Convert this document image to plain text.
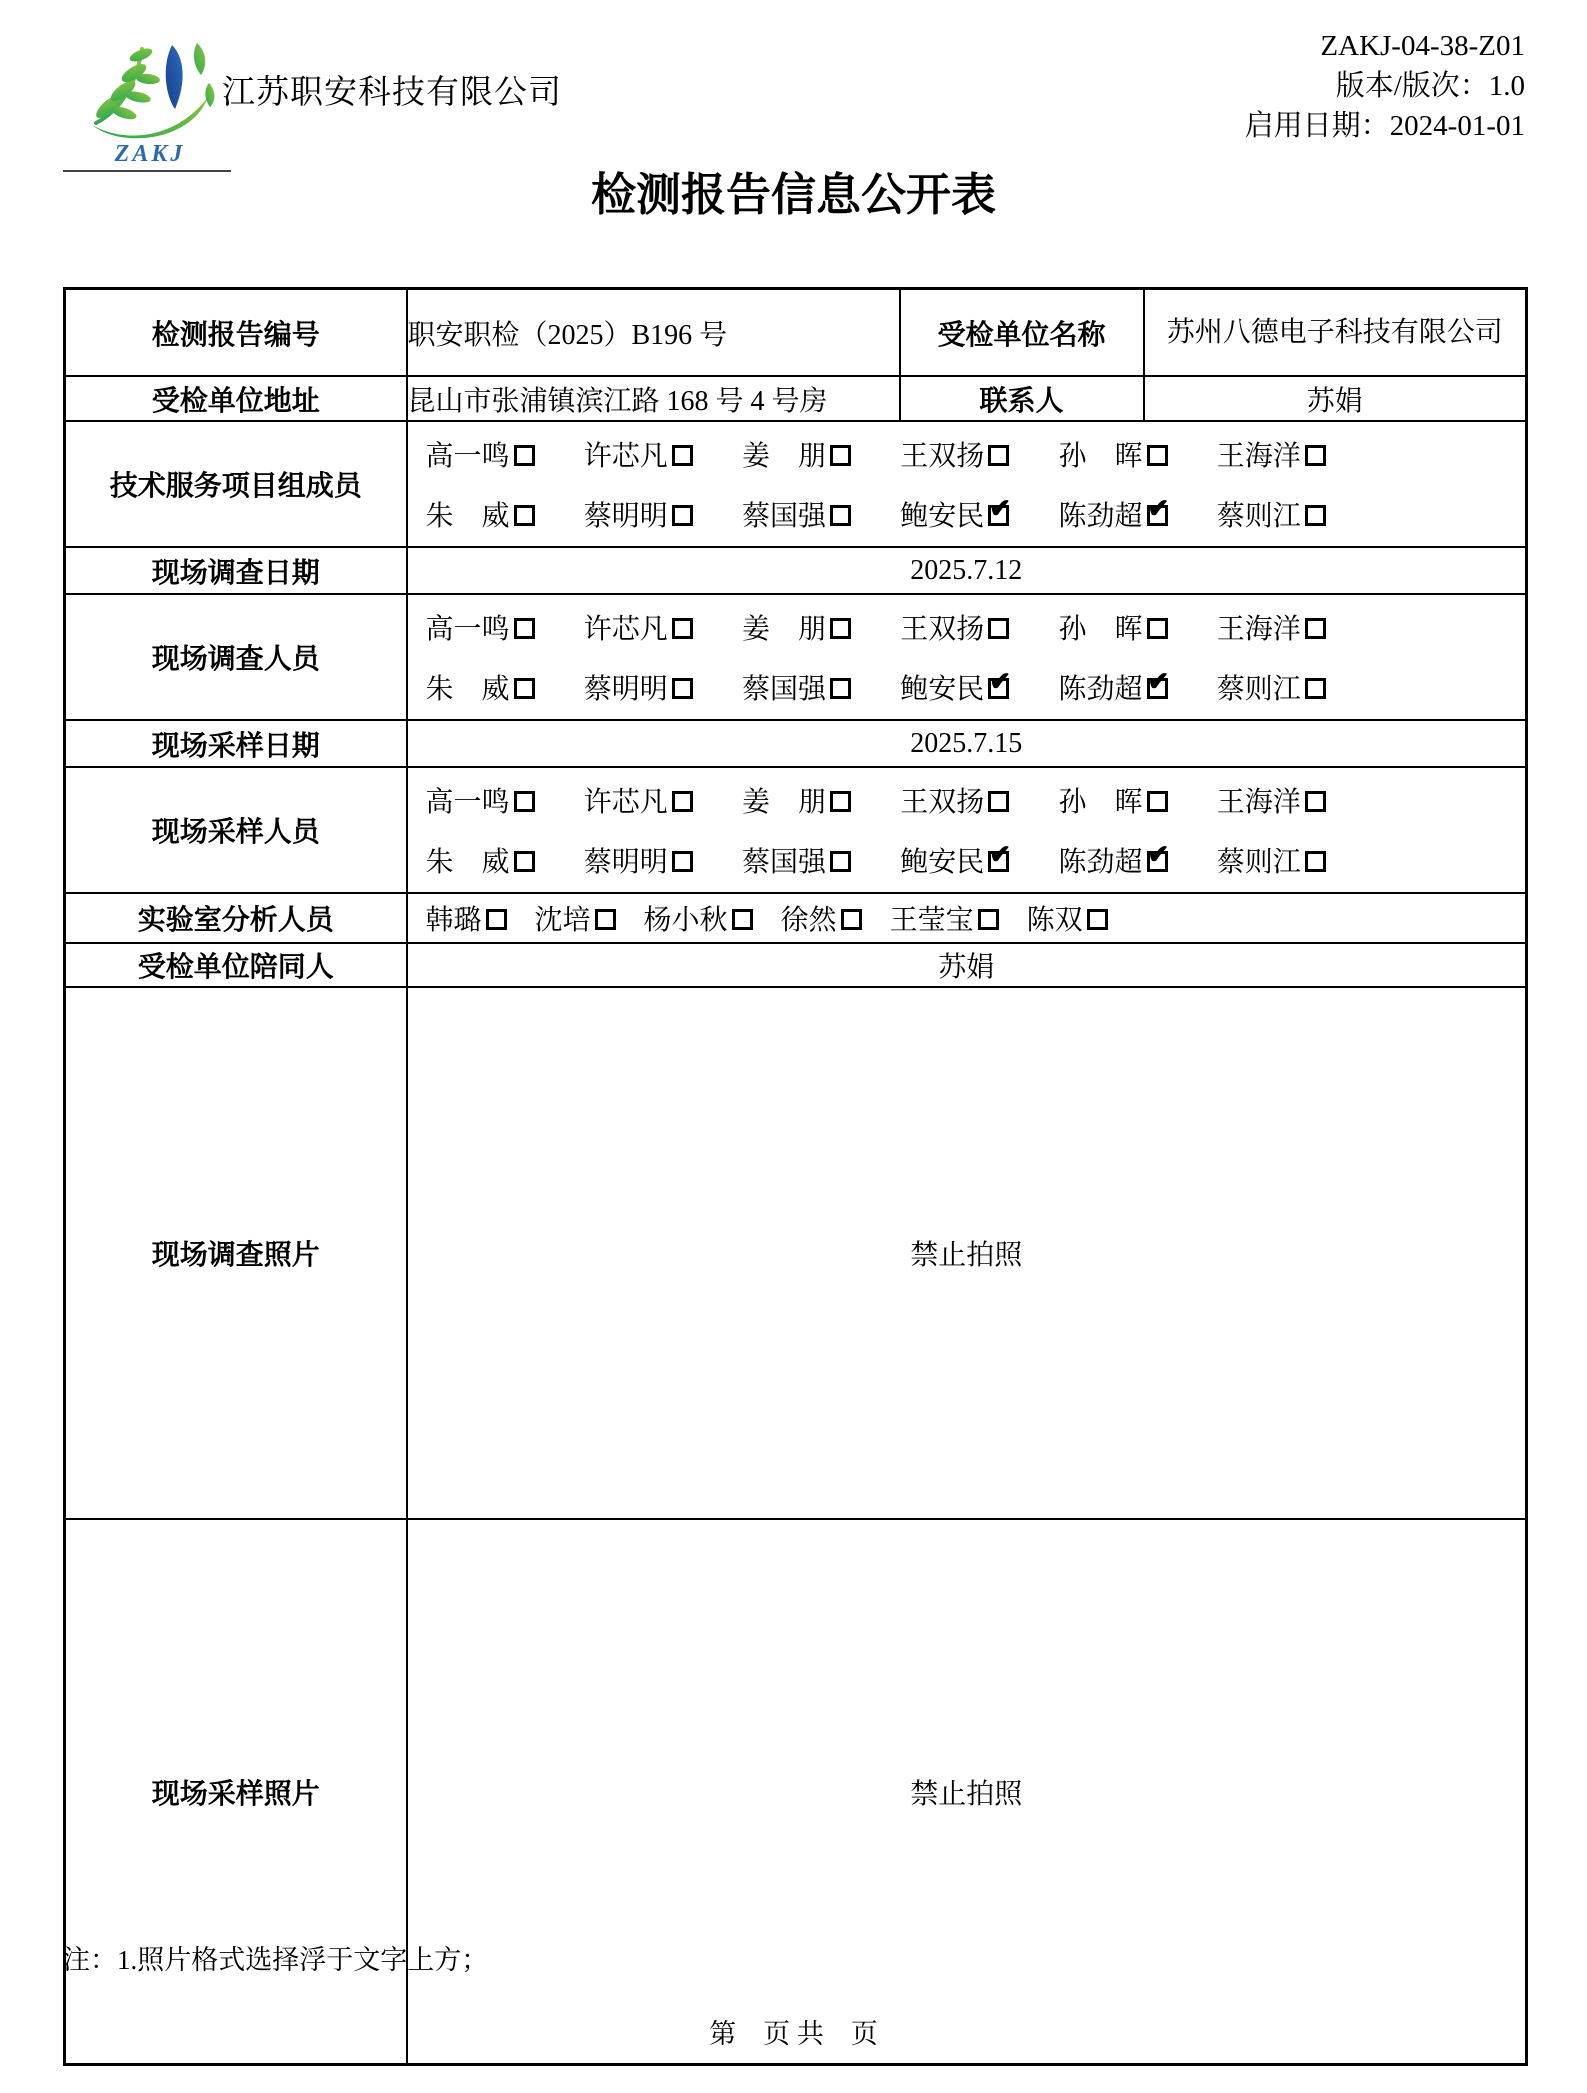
ZAKJ
江苏职安科技有限公司
ZAKJ-04-38-Z01
版本/版次：1.0
启用日期：2024-01-01
检测报告信息公开表
检测报告编号	职安职检（2025）B196 号	受检单位名称	苏州八德电子科技有限公司
受检单位地址	昆山市张浦镇滨江路 168 号 4 号房	联系人	苏娟
技术服务项目组成员	
高一鸣	许芯凡	姜　朋	王双扬	孙　晖	王海洋
朱　威	蔡明明	蔡国强	鲍安民 ✔	陈劲超 ✔	蔡则江

现场调查日期	2025.7.12		
现场调查人员	
高一鸣	许芯凡	姜　朋	王双扬	孙　晖	王海洋
朱　威	蔡明明	蔡国强	鲍安民 ✔	陈劲超 ✔	蔡则江

现场采样日期	2025.7.15		
现场采样人员	
高一鸣	许芯凡	姜　朋	王双扬	孙　晖	王海洋
朱　威	蔡明明	蔡国强	鲍安民 ✔	陈劲超 ✔	蔡则江

实验室分析人员	韩璐	沈培	杨小秋	徐然	王莹宝	陈双

受检单位陪同人	苏娟		
现场调查照片	禁止拍照		
现场采样照片	禁止拍照		
注：1.照片格式选择浮于文字上方；
第　页 共　页
